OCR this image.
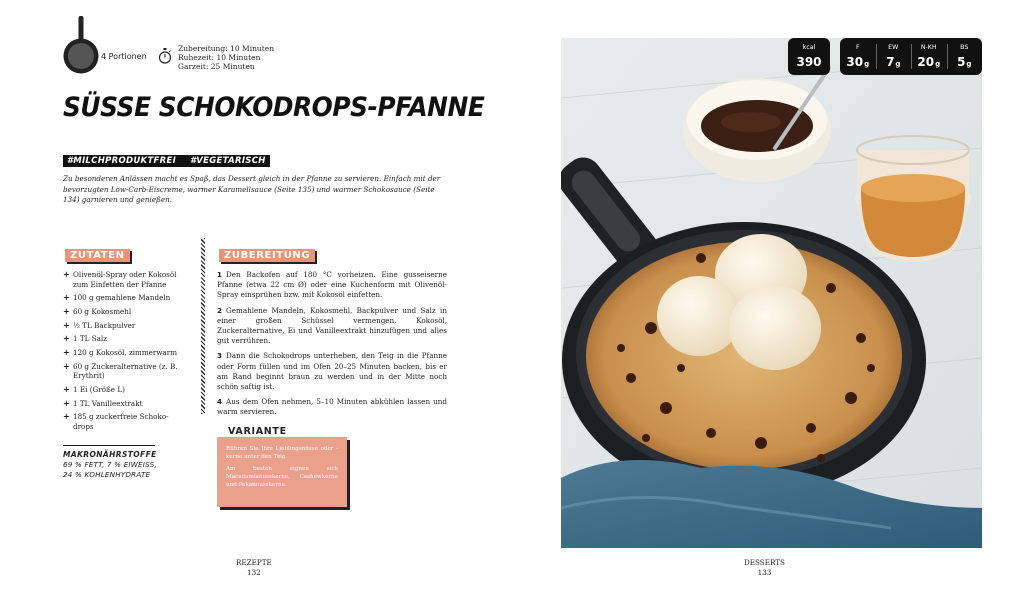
4 Portionen
Zubereitung: 10 Minuten
Ruhezeit: 10 Minuten
Garzeit: 25 Minuten
SÜSSE SCHOKODROPS-PFANNE
#MILCHPRODUKTFREI #VEGETARISCH

Zu besonderen Anlässen macht es Spaß, das Dessert gleich in der Pfanne zu servieren. Einfach mit der bevorzugten Low-Carb-Eiscreme, warmer Karamellsauce (Seite 135) und warmer Schokosauce (Seite 134) garnieren und genießen.

ZUTATEN
+ Olivenöl-Spray oder Kokosöl zum Einfetten der Pfanne
+ 100 g gemahlene Mandeln
+ 60 g Kokosmehl
+ ½ TL Backpulver
+ 1 TL Salz
+ 120 g Kokosöl, zimmerwarm
+ 60 g Zuckeralternative (z. B. Erythrit)
+ 1 Ei (Größe L)
+ 1 TL Vanilleextrakt
+ 185 g zuckerfreie Schokodrops
MAKRONÄHRSTOFFE
69 % FETT, 7 % EIWEISS, 24 % KOHLENHYDRATE
ZUBEREITUNG

1 Den Backofen auf 180 °C vorheizen. Eine gusseiserne Pfanne (etwa 22 cm Ø) oder eine Kuchenform mit Olivenöl-Spray einsprühen bzw. mit Kokosöl einfetten.

2 Gemahlene Mandeln, Kokosmehl, Backpulver und Salz in einer großen Schüssel vermengen. Kokosöl, Zuckeralternative, Ei und Vanilleextrakt hinzufügen und alles gut verrühren.

3 Dann die Schokodrops unterheben, den Teig in die Pfanne oder Form füllen und im Ofen 20–25 Minuten backen, bis er am Rand beginnt braun zu werden und in der Mitte noch schön saftig ist.

4 Aus dem Ofen nehmen, 5–10 Minuten abkühlen lassen und warm servieren.

VARIANTE

Rühren Sie Ihre Lieblingsnüsse oder -kerne unter den Teig.

Am besten eignen sich Macadamianusskerne, Cashewkerne und Pekannusskerne.

REZEPTE
132
DESSERTS
133
kcal
390
F
30g
EW
7g
N-KH
20g
BS
5g
